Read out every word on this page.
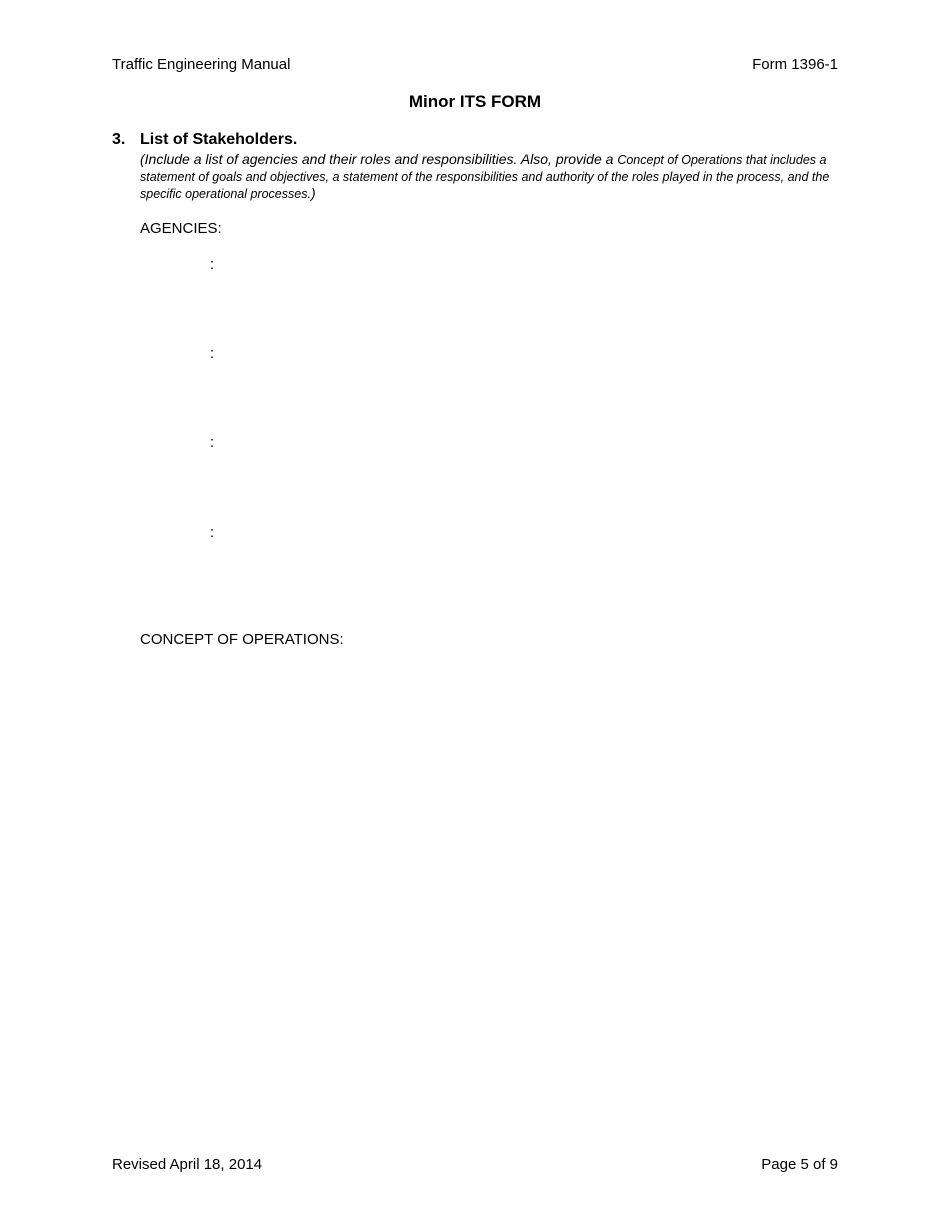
Traffic Engineering Manual	Form 1396-1
Minor ITS FORM
3. List of Stakeholders.
(Include a list of agencies and their roles and responsibilities. Also, provide a Concept of Operations that includes a statement of goals and objectives, a statement of the responsibilities and authority of the roles played in the process, and the specific operational processes.)
AGENCIES:
:
:
:
:
CONCEPT OF OPERATIONS:
Revised April 18, 2014	Page 5 of 9
